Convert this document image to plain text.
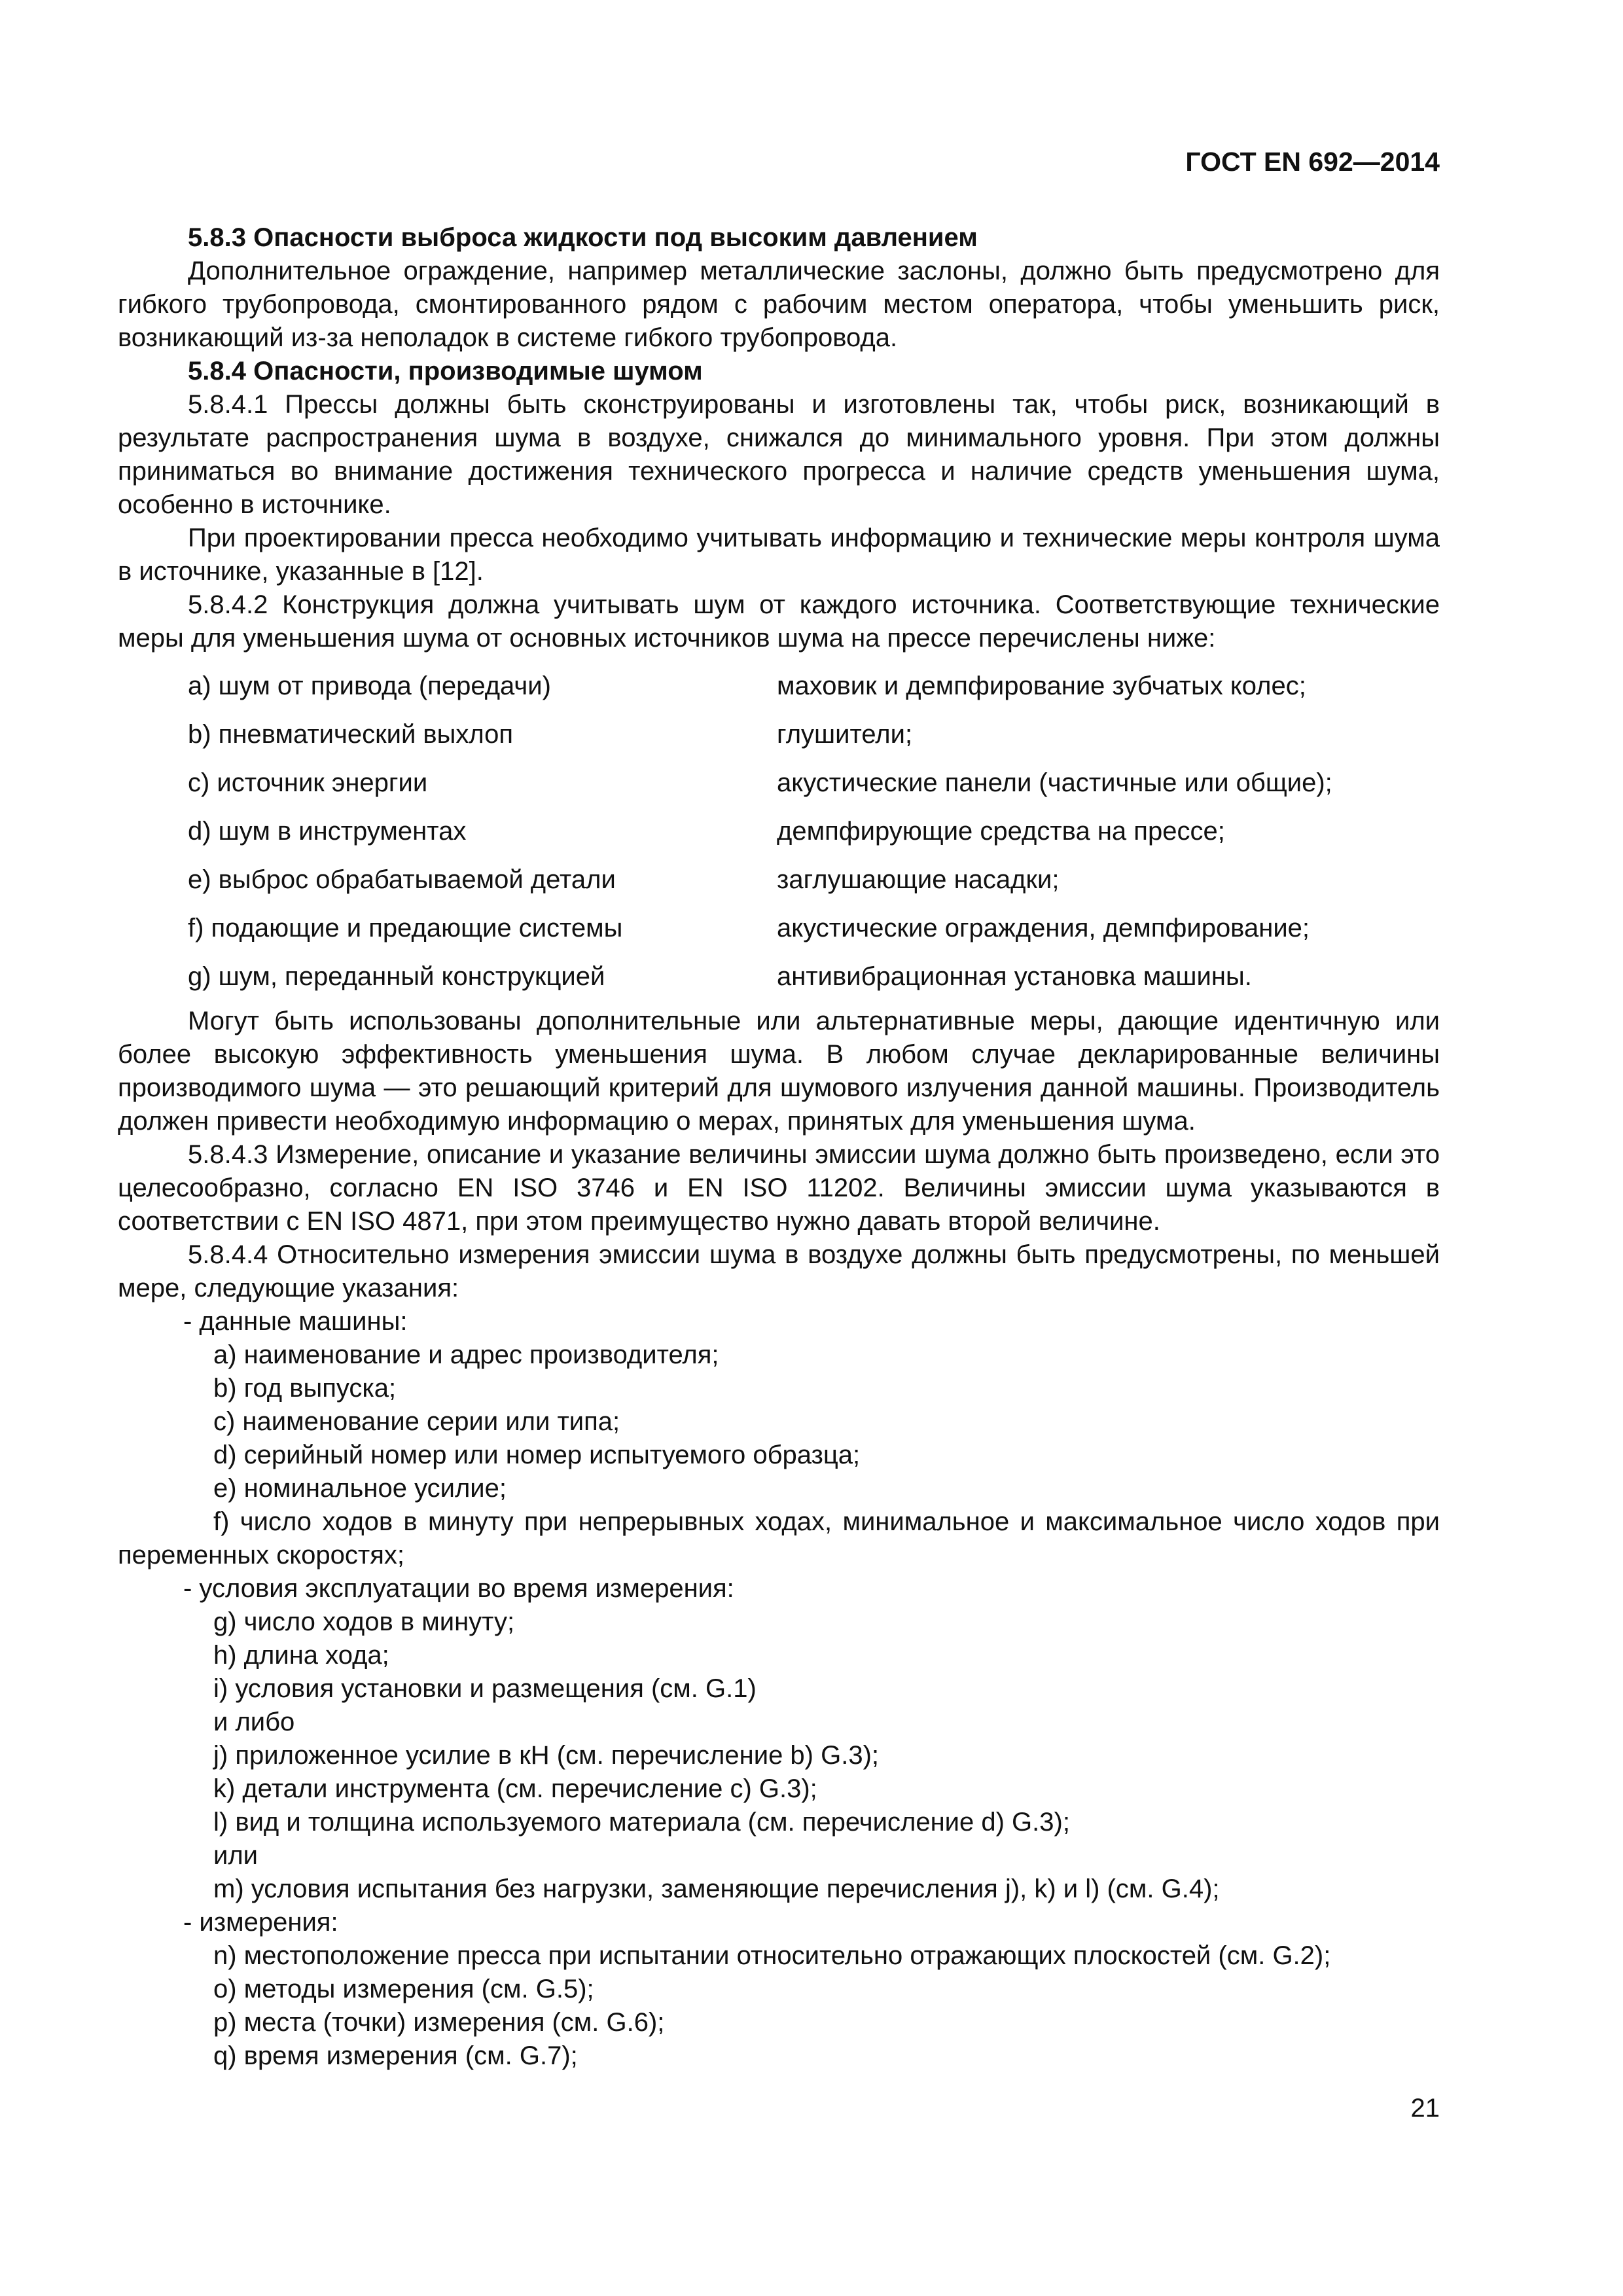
ГОСТ EN 692—2014
5.8.3 Опасности выброса жидкости под высоким давлением

Дополнительное ограждение, например металлические заслоны, должно быть предусмотрено для гибкого трубопровода, смонтированного рядом с рабочим местом оператора, чтобы уменьшить риск, возникающий из-за неполадок в системе гибкого трубопровода.

5.8.4 Опасности, производимые шумом

5.8.4.1 Прессы должны быть сконструированы и изготовлены так, чтобы риск, возникающий в результате распространения шума в воздухе, снижался до минимального уровня. При этом должны приниматься во внимание достижения технического прогресса и наличие средств уменьшения шума, особенно в источнике.

При проектировании пресса необходимо учитывать информацию и технические меры контроля шума в источнике, указанные в [12].

5.8.4.2 Конструкция должна учитывать шум от каждого источника. Соответствующие технические меры для уменьшения шума от основных источников шума на прессе перечислены ниже:

a) шум от привода (передачи)	маховик и демпфирование зубчатых колес;
b) пневматический выхлоп	глушители;
c) источник энергии	акустические панели (частичные или общие);
d) шум в инструментах	демпфирующие средства на прессе;
e) выброс обрабатываемой детали	заглушающие насадки;
f) подающие и предающие системы	акустические ограждения, демпфирование;
g) шум, переданный конструкцией	антивибрационная установка машины.

Могут быть использованы дополнительные или альтернативные меры, дающие идентичную или более высокую эффективность уменьшения шума. В любом случае декларированные величины производимого шума — это решающий критерий для шумового излучения данной машины. Производитель должен привести необходимую информацию о мерах, принятых для уменьшения шума.

5.8.4.3 Измерение, описание и указание величины эмиссии шума должно быть произведено, если это целесообразно, согласно EN ISO 3746 и EN ISO 11202. Величины эмиссии шума указываются в соответствии с EN ISO 4871, при этом преимущество нужно давать второй величине.

5.8.4.4 Относительно измерения эмиссии шума в воздухе должны быть предусмотрены, по меньшей мере, следующие указания:

- данные машины:
a) наименование и адрес производителя;
b) год выпуска;
c) наименование серии или типа;
d) серийный номер или номер испытуемого образца;
e) номинальное усилие;

f) число ходов в минуту при непрерывных ходах, минимальное и максимальное число ходов при переменных скоростях;

- условия эксплуатации во время измерения:
g) число ходов в минуту;
h) длина хода;
i) условия установки и размещения (см. G.1)
и либо
j) приложенное усилие в кН (см. перечисление b) G.3);
k) детали инструмента (см. перечисление c) G.3);
l) вид и толщина используемого материала (см. перечисление d) G.3);
или
m) условия испытания без нагрузки, заменяющие перечисления j), k) и l) (см. G.4);
- измерения:
n) местоположение пресса при испытании относительно отражающих плоскостей (см. G.2);
o) методы измерения (см. G.5);
p) места (точки) измерения (см. G.6);
q) время измерения (см. G.7);
21
